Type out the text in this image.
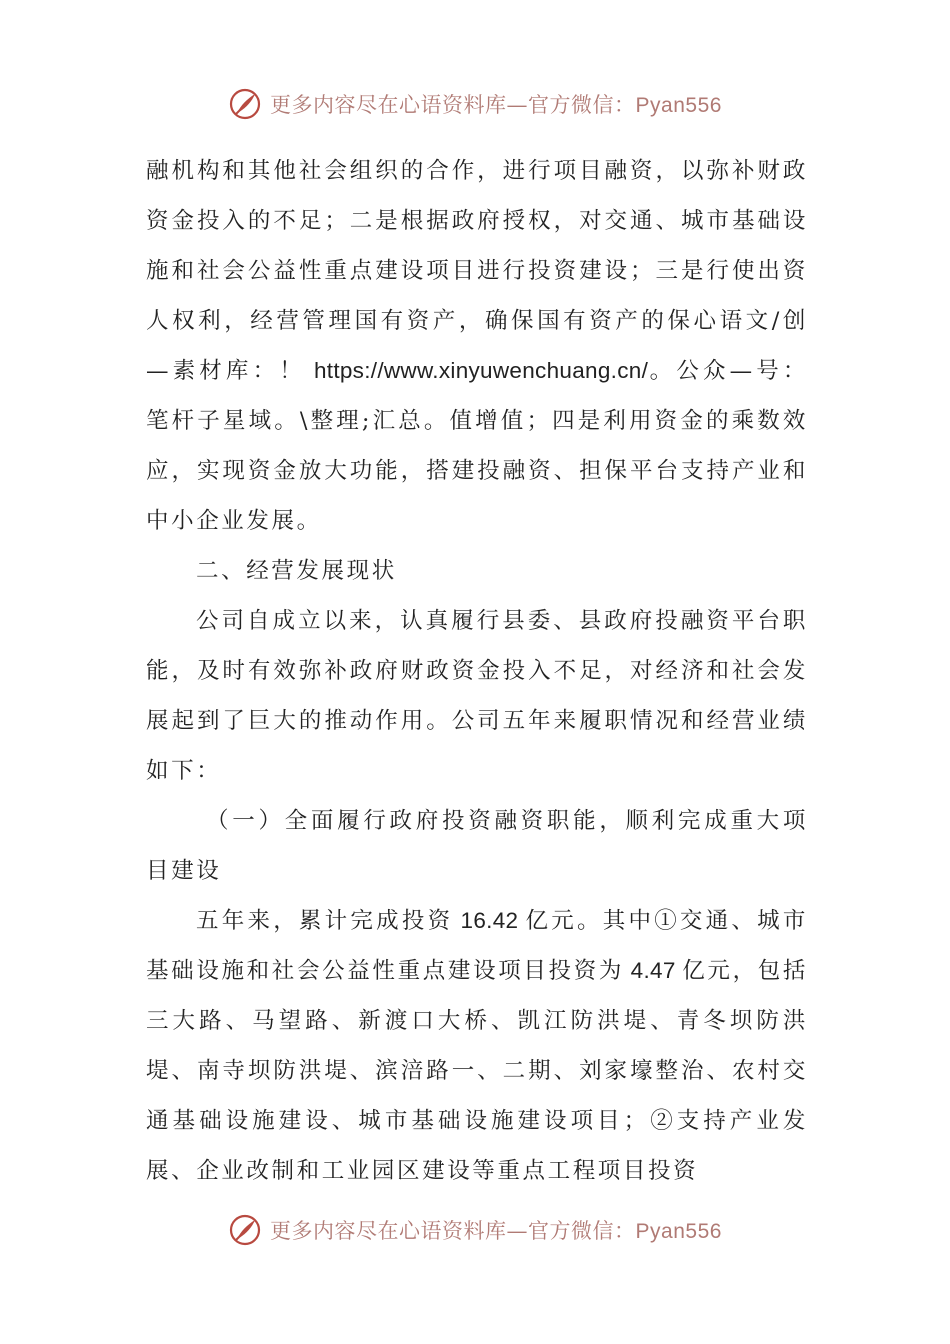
更多内容尽在心语资料库—官方微信：Pyan556

融机构和其他社会组织的合作，进行项目融资，以弥补财政资金投入的不足；二是根据政府授权，对交通、城市基础设施和社会公益性重点建设项目进行投资建设；三是行使出资人权利，经营管理国有资产，确保国有资产的保心语文/创—素材库：！ https://www.xinyuwenchuang.cn/。公众—号：笔杆子星域。\整理;汇总。值增值；四是利用资金的乘数效应，实现资金放大功能，搭建投融资、担保平台支持产业和中小企业发展。

二、经营发展现状

公司自成立以来，认真履行县委、县政府投融资平台职能，及时有效弥补政府财政资金投入不足，对经济和社会发展起到了巨大的推动作用。公司五年来履职情况和经营业绩如下：

（一）全面履行政府投资融资职能，顺利完成重大项目建设

五年来，累计完成投资 16.42 亿元。其中①交通、城市基础设施和社会公益性重点建设项目投资为 4.47 亿元，包括三大路、马望路、新渡口大桥、凯江防洪堤、青冬坝防洪堤、南寺坝防洪堤、滨涪路一、二期、刘家壕整治、农村交通基础设施建设、城市基础设施建设项目；②支持产业发展、企业改制和工业园区建设等重点工程项目投资

更多内容尽在心语资料库—官方微信：Pyan556
